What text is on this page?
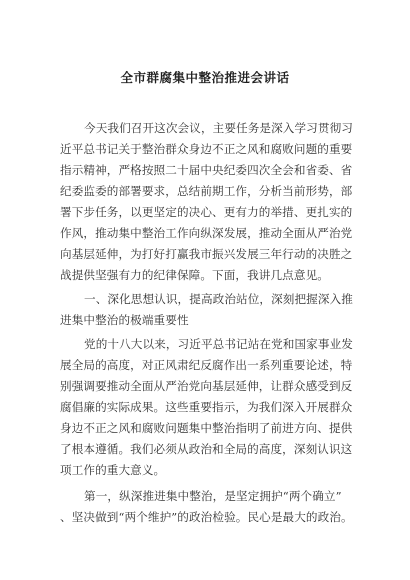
全市群腐集中整治推进会讲话
今天我们召开这次会议，主要任务是深入学习贯彻习
近平总书记关于整治群众身边不正之风和腐败问题的重要
指示精神，严格按照二十届中央纪委四次全会和省委、省
纪委监委的部署要求，总结前期工作，分析当前形势，部
署下步任务，以更坚定的决心、更有力的举措、更扎实的
作风，推动集中整治工作向纵深发展，推动全面从严治党
向基层延伸，为打好打赢我市振兴发展三年行动的决胜之
战提供坚强有力的纪律保障。下面，我讲几点意见。
一、深化思想认识，提高政治站位，深刻把握深入推
进集中整治的极端重要性
党的十八大以来，习近平总书记站在党和国家事业发
展全局的高度，对正风肃纪反腐作出一系列重要论述，特
别强调要推动全面从严治党向基层延伸，让群众感受到反
腐倡廉的实际成果。这些重要指示，为我们深入开展群众
身边不正之风和腐败问题集中整治指明了前进方向、提供
了根本遵循。我们必须从政治和全局的高度，深刻认识这
项工作的重大意义。
第一，纵深推进集中整治，是坚定拥护“两个确立”
、坚决做到“两个维护”的政治检验。民心是最大的政治。
